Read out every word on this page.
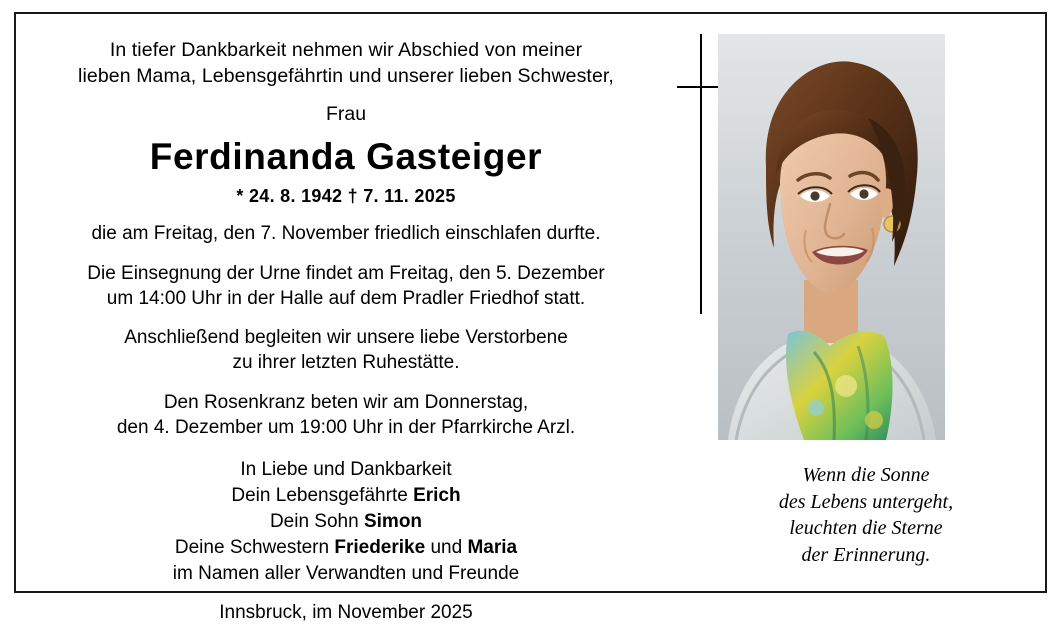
In tiefer Dankbarkeit nehmen wir Abschied von meiner
lieben Mama, Lebensgefährtin und unserer lieben Schwester,
Frau
Ferdinanda Gasteiger
* 24. 8. 1942 † 7. 11. 2025
die am Freitag, den 7. November friedlich einschlafen durfte.
Die Einsegnung der Urne findet am Freitag, den 5. Dezember
um 14:00 Uhr in der Halle auf dem Pradler Friedhof statt.
Anschließend begleiten wir unsere liebe Verstorbene
zu ihrer letzten Ruhestätte.
Den Rosenkranz beten wir am Donnerstag,
den 4. Dezember um 19:00 Uhr in der Pfarrkirche Arzl.
In Liebe und Dankbarkeit
Dein Lebensgefährte Erich
Dein Sohn Simon
Deine Schwestern Friederike und Maria
im Namen aller Verwandten und Freunde
Innsbruck, im November 2025
Wenn die Sonne
des Lebens untergeht,
leuchten die Sterne
der Erinnerung.
